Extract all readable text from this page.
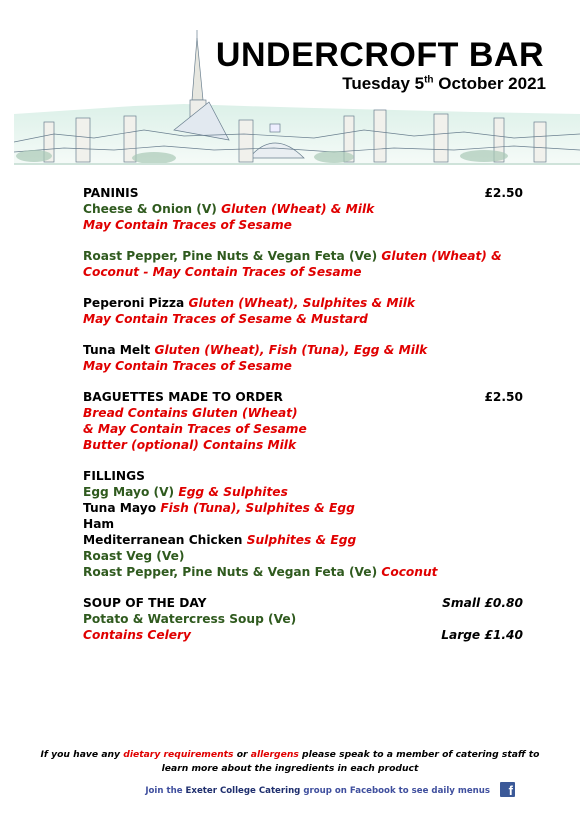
UNDERCROFT BAR
Tuesday 5th October 2021
PANINIS	£2.50
Cheese & Onion (V) Gluten (Wheat) & Milk
May Contain Traces of Sesame
Roast Pepper, Pine Nuts & Vegan Feta (Ve) Gluten (Wheat) &
Coconut - May Contain Traces of Sesame
Peperoni Pizza Gluten (Wheat), Sulphites & Milk
May Contain Traces of Sesame & Mustard
Tuna Melt Gluten (Wheat), Fish (Tuna), Egg & Milk
May Contain Traces of Sesame
BAGUETTES MADE TO ORDER	£2.50
Bread Contains Gluten (Wheat)
& May Contain Traces of Sesame
Butter (optional) Contains Milk
FILLINGS
Egg Mayo (V) Egg & Sulphites
Tuna Mayo Fish (Tuna), Sulphites & Egg
Ham
Mediterranean Chicken Sulphites & Egg
Roast Veg (Ve)
Roast Pepper, Pine Nuts & Vegan Feta (Ve) Coconut
SOUP OF THE DAY	Small £0.80
Potato & Watercress Soup (Ve)
Contains Celery	Large £1.40
If you have any dietary requirements or allergens please speak to a member of catering staff to
learn more about the ingredients in each product
Join the Exeter College Catering group on Facebook to see daily menus	f
